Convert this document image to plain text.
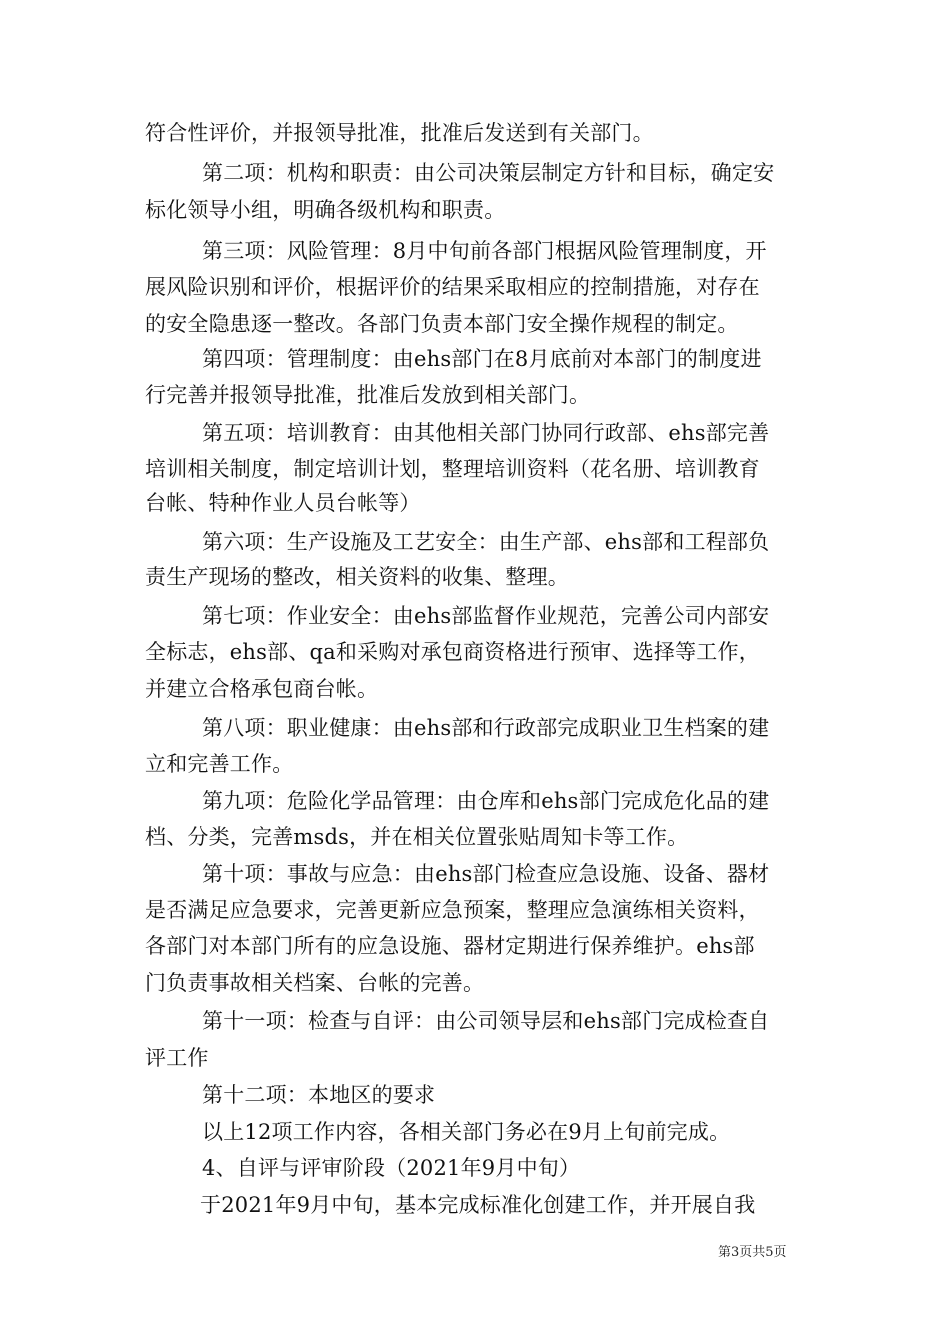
符合性评价，并报领导批准，批准后发送到有关部门。
第二项：机构和职责：由公司决策层制定方针和目标，确定安
标化领导小组，明确各级机构和职责。
第三项：风险管理：8月中旬前各部门根据风险管理制度，开
展风险识别和评价，根据评价的结果采取相应的控制措施，对存在
的安全隐患逐一整改。各部门负责本部门安全操作规程的制定。
第四项：管理制度：由ehs部门在8月底前对本部门的制度进
行完善并报领导批准，批准后发放到相关部门。
第五项：培训教育：由其他相关部门协同行政部、ehs部完善
培训相关制度，制定培训计划，整理培训资料（花名册、培训教育
台帐、特种作业人员台帐等）
第六项：生产设施及工艺安全：由生产部、ehs部和工程部负
责生产现场的整改，相关资料的收集、整理。
第七项：作业安全：由ehs部监督作业规范，完善公司内部安
全标志，ehs部、qa和采购对承包商资格进行预审、选择等工作，
并建立合格承包商台帐。
第八项：职业健康：由ehs部和行政部完成职业卫生档案的建
立和完善工作。
第九项：危险化学品管理：由仓库和ehs部门完成危化品的建
档、分类，完善msds，并在相关位置张贴周知卡等工作。
第十项：事故与应急：由ehs部门检查应急设施、设备、器材
是否满足应急要求，完善更新应急预案，整理应急演练相关资料，
各部门对本部门所有的应急设施、器材定期进行保养维护。ehs部
门负责事故相关档案、台帐的完善。
第十一项：检查与自评：由公司领导层和ehs部门完成检查自
评工作
第十二项：本地区的要求
以上12项工作内容，各相关部门务必在9月上旬前完成。
4、自评与评审阶段（2021年9月中旬）
于2021年9月中旬，基本完成标准化创建工作，并开展自我
第3页共5页
